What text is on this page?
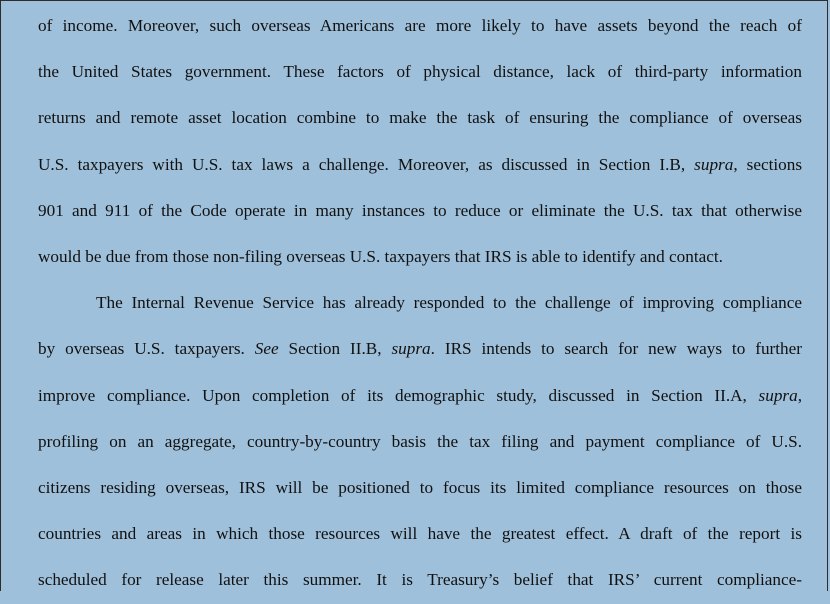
of income. Moreover, such overseas Americans are more likely to have assets beyond the reach of
the United States government. These factors of physical distance, lack of third-party information
returns and remote asset location combine to make the task of ensuring the compliance of overseas
U.S. taxpayers with U.S. tax laws a challenge. Moreover, as discussed in Section I.B, supra, sections
901 and 911 of the Code operate in many instances to reduce or eliminate the U.S. tax that otherwise
would be due from those non-filing overseas U.S. taxpayers that IRS is able to identify and contact.
The Internal Revenue Service has already responded to the challenge of improving compliance
by overseas U.S. taxpayers. See Section II.B, supra. IRS intends to search for new ways to further
improve compliance. Upon completion of its demographic study, discussed in Section II.A, supra,
profiling on an aggregate, country-by-country basis the tax filing and payment compliance of U.S.
citizens residing overseas, IRS will be positioned to focus its limited compliance resources on those
countries and areas in which those resources will have the greatest effect. A draft of the report is
scheduled for release later this summer. It is Treasury’s belief that IRS’ current compliance-
